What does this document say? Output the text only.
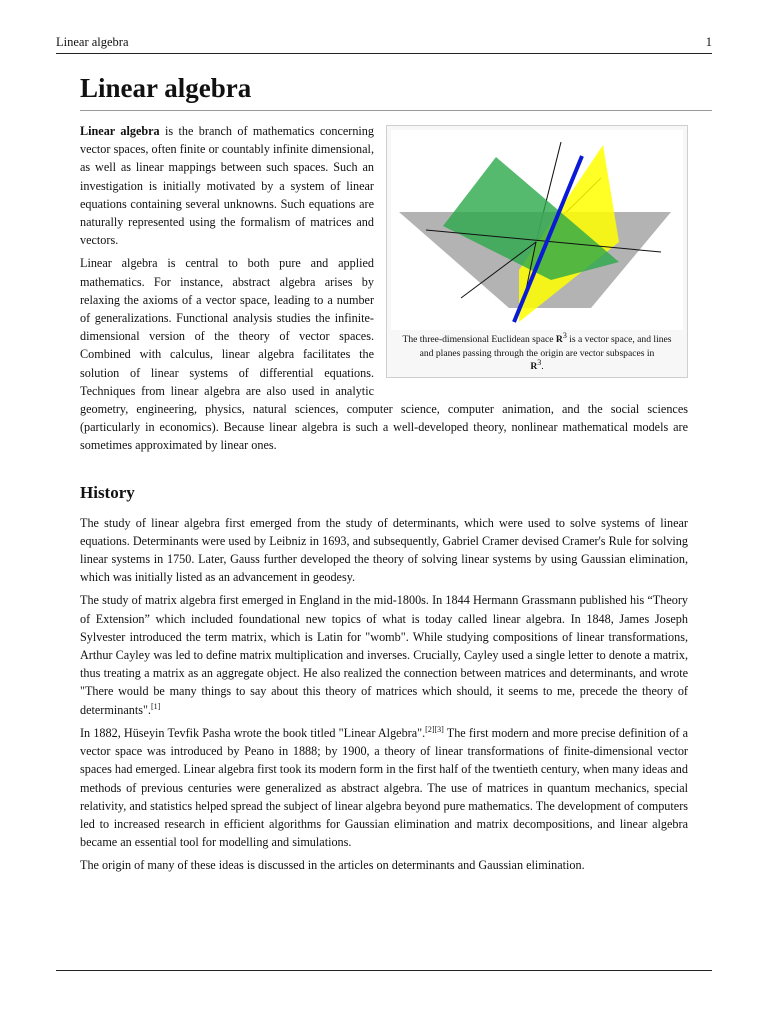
Linear algebra	1
Linear algebra
The three-dimensional Euclidean space $R^3$ is a vector space, and lines and planes passing through the origin are vector subspaces in
$R^3$.

Linear algebra is the branch of mathematics concerning vector spaces, often finite or countably infinite dimensional, as well as linear mappings between such spaces. Such an investigation is initially motivated by a system of linear equations containing several unknowns. Such equations are naturally represented using the formalism of matrices and vectors.

Linear algebra is central to both pure and applied mathematics. For instance, abstract algebra arises by relaxing the axioms of a vector space, leading to a number of generalizations. Functional analysis studies the infinite-dimensional version of the theory of vector spaces. Combined with calculus, linear algebra facilitates the solution of linear systems of differential equations. Techniques from linear algebra are also used in analytic geometry, engineering, physics, natural sciences, computer science, computer animation, and the social sciences (particularly in economics). Because linear algebra is such a well-developed theory, nonlinear mathematical models are sometimes approximated by linear ones.

History

The study of linear algebra first emerged from the study of determinants, which were used to solve systems of linear equations. Determinants were used by Leibniz in 1693, and subsequently, Gabriel Cramer devised Cramer's Rule for solving linear systems in 1750. Later, Gauss further developed the theory of solving linear systems by using Gaussian elimination, which was initially listed as an advancement in geodesy.

The study of matrix algebra first emerged in England in the mid-1800s. In 1844 Hermann Grassmann published his “Theory of Extension” which included foundational new topics of what is today called linear algebra. In 1848, James Joseph Sylvester introduced the term matrix, which is Latin for "womb". While studying compositions of linear transformations, Arthur Cayley was led to define matrix multiplication and inverses. Crucially, Cayley used a single letter to denote a matrix, thus treating a matrix as an aggregate object. He also realized the connection between matrices and determinants, and wrote "There would be many things to say about this theory of matrices which should, it seems to me, precede the theory of determinants".[1]

In 1882, Hüseyin Tevfik Pasha wrote the book titled "Linear Algebra".[2][3] The first modern and more precise definition of a vector space was introduced by Peano in 1888; by 1900, a theory of linear transformations of finite-dimensional vector spaces had emerged. Linear algebra first took its modern form in the first half of the twentieth century, when many ideas and methods of previous centuries were generalized as abstract algebra. The use of matrices in quantum mechanics, special relativity, and statistics helped spread the subject of linear algebra beyond pure mathematics. The development of computers led to increased research in efficient algorithms for Gaussian elimination and matrix decompositions, and linear algebra became an essential tool for modelling and simulations.

The origin of many of these ideas is discussed in the articles on determinants and Gaussian elimination.
